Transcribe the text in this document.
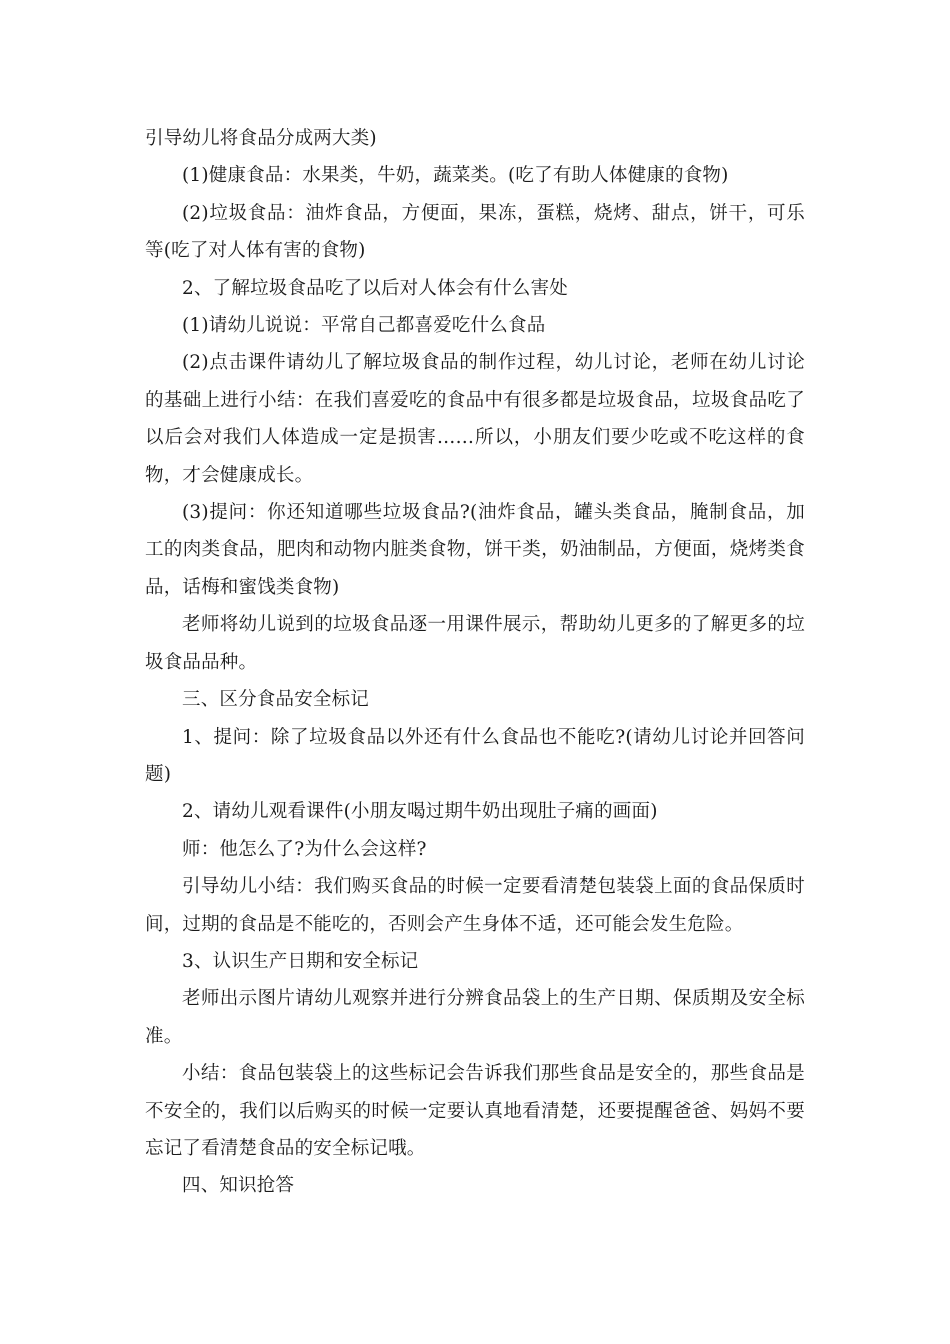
引导幼儿将食品分成两大类)

(1)健康食品：水果类，牛奶，蔬菜类。(吃了有助人体健康的食物)

(2)垃圾食品：油炸食品，方便面，果冻，蛋糕，烧烤、甜点，饼干，可乐等(吃了对人体有害的食物)

2、了解垃圾食品吃了以后对人体会有什么害处

(1)请幼儿说说：平常自己都喜爱吃什么食品

(2)点击课件请幼儿了解垃圾食品的制作过程，幼儿讨论，老师在幼儿讨论的基础上进行小结：在我们喜爱吃的食品中有很多都是垃圾食品，垃圾食品吃了以后会对我们人体造成一定是损害……所以，小朋友们要少吃或不吃这样的食物，才会健康成长。

(3)提问：你还知道哪些垃圾食品?(油炸食品，罐头类食品，腌制食品，加工的肉类食品，肥肉和动物内脏类食物，饼干类，奶油制品，方便面，烧烤类食品，话梅和蜜饯类食物)

老师将幼儿说到的垃圾食品逐一用课件展示，帮助幼儿更多的了解更多的垃圾食品品种。

三、区分食品安全标记

1、提问：除了垃圾食品以外还有什么食品也不能吃?(请幼儿讨论并回答问题)

2、请幼儿观看课件(小朋友喝过期牛奶出现肚子痛的画面)

师：他怎么了?为什么会这样?

引导幼儿小结：我们购买食品的时候一定要看清楚包装袋上面的食品保质时间，过期的食品是不能吃的，否则会产生身体不适，还可能会发生危险。

3、认识生产日期和安全标记

老师出示图片请幼儿观察并进行分辨食品袋上的生产日期、保质期及安全标准。

小结：食品包装袋上的这些标记会告诉我们那些食品是安全的，那些食品是不安全的，我们以后购买的时候一定要认真地看清楚，还要提醒爸爸、妈妈不要忘记了看清楚食品的安全标记哦。

四、知识抢答
